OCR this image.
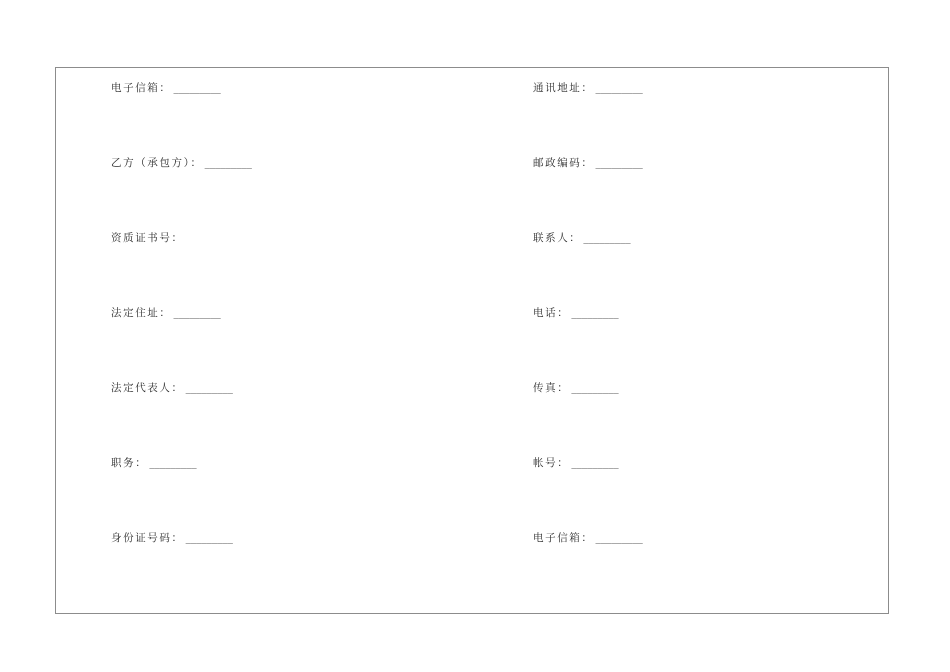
电子信箱： _________
乙方（承包方）： _________
资质证书号：
法定住址： _________
法定代表人： _________
职务： _________
身份证号码： _________
通讯地址： _________
邮政编码： _________
联系人： _________
电话： _________
传真： _________
帐号： _________
电子信箱： _________
